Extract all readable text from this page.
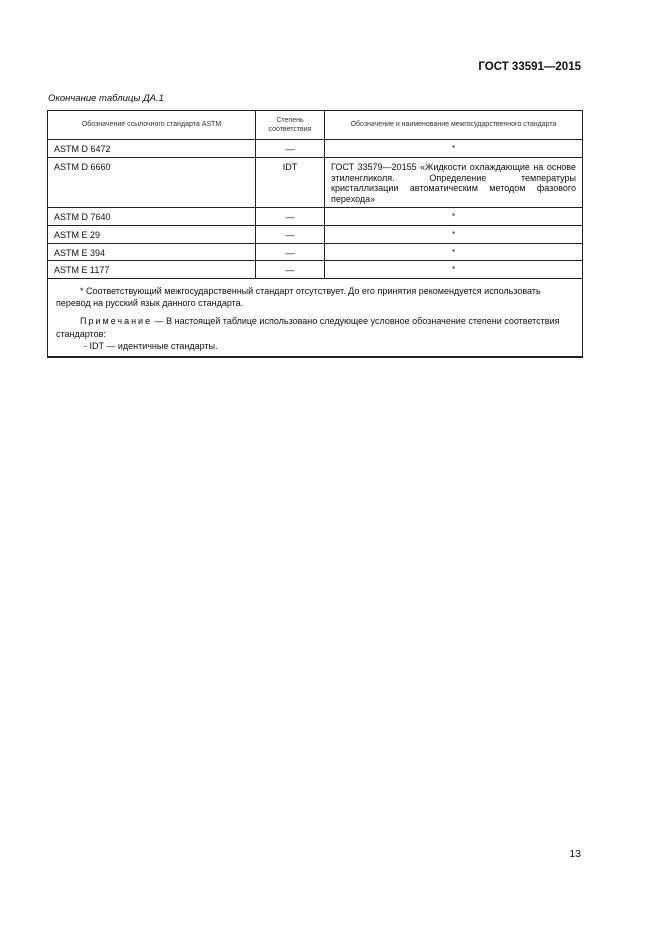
ГОСТ 33591—2015
Окончание таблицы ДА.1
Обозначение ссылочного стандарта ASTM	Степень соответствия	Обозначение и наименование межгосударственного стандарта
ASTM D 6472	—	*
ASTM D 6660	IDT	ГОСТ 33579—20155 «Жидкости охлаждающие на основе этиленгликоля. Определение температуры кристаллизации автоматическим методом фазового перехода»
ASTM D 7640	—	*
ASTM E 29	—	*
ASTM E 394	—	*
ASTM E 1177	—	*

* Соответствующий межгосударственный стандарт отсутствует. До его принятия рекомендуется использовать перевод на русский язык данного стандарта.

Примечание — В настоящей таблице использовано следующее условное обозначение степени соответствия стандартов:

- IDT — идентичные стандарты.		

13
